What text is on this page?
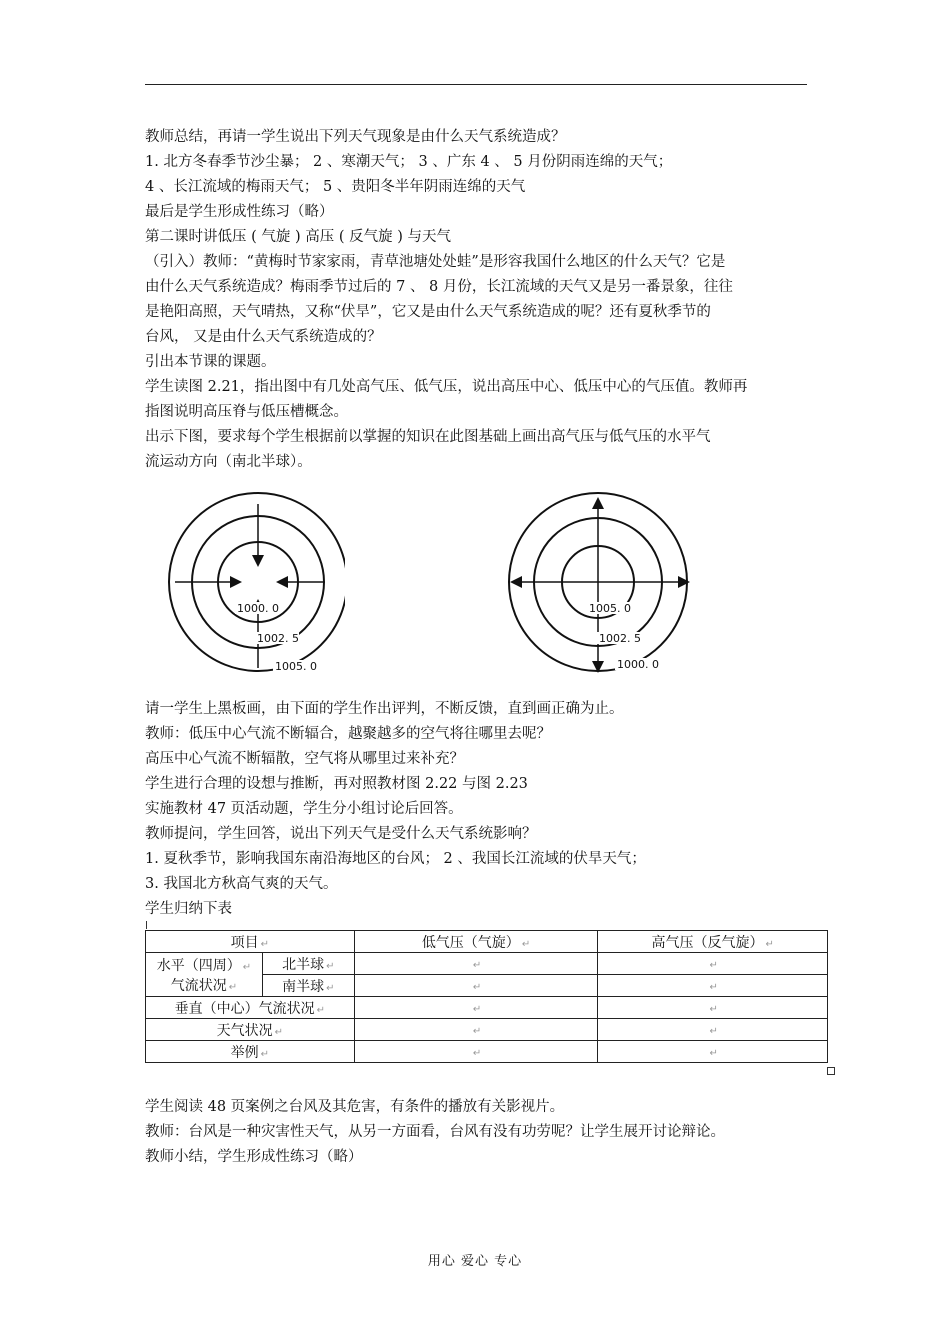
教师总结，再请一学生说出下列天气现象是由什么天气系统造成？
1. 北方冬春季节沙尘暴； 2 、寒潮天气； 3 、广东 4 、 5 月份阴雨连绵的天气；
4 、长江流域的梅雨天气； 5 、贵阳冬半年阴雨连绵的天气
最后是学生形成性练习（略）
第二课时讲低压 ( 气旋 ) 高压 ( 反气旋 ) 与天气
（引入）教师：“黄梅时节家家雨，青草池塘处处蛙”是形容我国什么地区的什么天气？它是
由什么天气系统造成？梅雨季节过后的 7 、 8 月份，长江流域的天气又是另一番景象，往往
是艳阳高照，天气晴热，又称“伏旱”，它又是由什么天气系统造成的呢？还有夏秋季节的
台风， 又是由什么天气系统造成的？
引出本节课的课题。
学生读图 2.21，指出图中有几处高气压、低气压，说出高压中心、低压中心的气压值。教师再
指图说明高压脊与低压槽概念。
出示下图，要求每个学生根据前以掌握的知识在此图基础上画出高气压与低气压的水平气
流运动方向（南北半球）。
1000. 0
1002. 5
1005. 0
1005. 0
1002. 5
1000. 0
请一学生上黑板画，由下面的学生作出评判，不断反馈，直到画正确为止。
教师：低压中心气流不断辐合，越聚越多的空气将往哪里去呢？
高压中心气流不断辐散，空气将从哪里过来补充？
学生进行合理的设想与推断，再对照教材图 2.22 与图 2.23
实施教材 47 页活动题，学生分小组讨论后回答。
教师提问，学生回答，说出下列天气是受什么天气系统影响？
1. 夏秋季节，影响我国东南沿海地区的台风； 2 、我国长江流域的伏旱天气；
3. 我国北方秋高气爽的天气。
学生归纳下表
项目 ↵		低气压（气旋） ↵	高气压（反气旋） ↵
水平（四周） ↵
气流状况 ↵	北半球 ↵	↵	↵
	南半球 ↵	↵	↵
垂直（中心）气流状况 ↵		↵	↵
天气状况 ↵		↵	↵
举例 ↵		↵	↵
学生阅读 48 页案例之台风及其危害，有条件的播放有关影视片。
教师：台风是一种灾害性天气，从另一方面看，台风有没有功劳呢？让学生展开讨论辩论。
教师小结，学生形成性练习（略）
用心 爱心 专心
